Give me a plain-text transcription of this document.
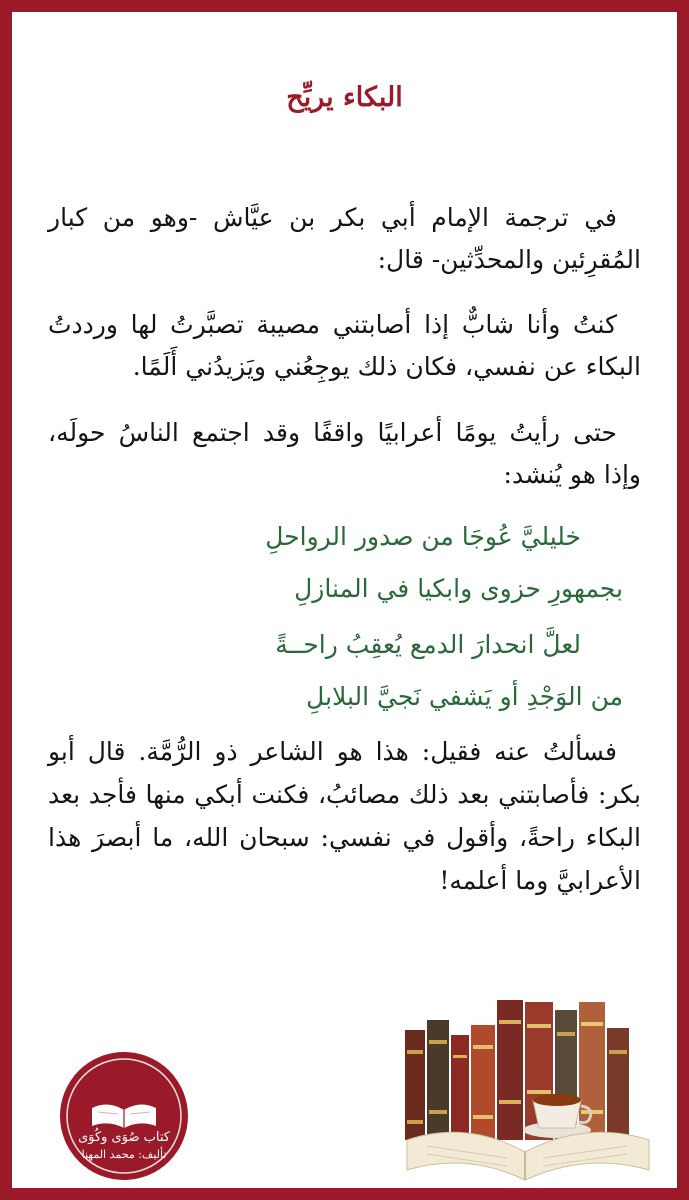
البكاء يريِّح
في ترجمة الإمام أبي بكر بن عيَّاش -وهو من كبار المُقرِئين والمحدِّثين- قال:
كنتُ وأنا شابٌّ إذا أصابتني مصيبة تصبَّرتُ لها ورددتُ البكاء عن نفسي، فكان ذلك يوجِعُني ويَزيدُني أَلَمًا.
حتى رأيتُ يومًا أعرابيًا واقفًا وقد اجتمع الناسُ حولَه، وإذا هو يُنشد:
خليليَّ عُوجَا من صدور الرواحلِ
بجمهورِ حزوى وابكيا في المنازلِ
لعلَّ انحدارَ الدمع يُعقِبُ راحــةً
من الوَجْدِ أو يَشفي نَجيَّ البلابلِ
فسألتُ عنه فقيل: هذا هو الشاعر ذو الرُّمَّة. قال أبو بكر: فأصابتني بعد ذلك مصائبُ، فكنت أبكي منها فأجد بعد البكاء راحةً، وأقول في نفسي: سبحان الله، ما أبصرَ هذا الأعرابيَّ وما أعلمه!
كتاب صُوَى وكُوَى
تأليف: محمد المهنا
